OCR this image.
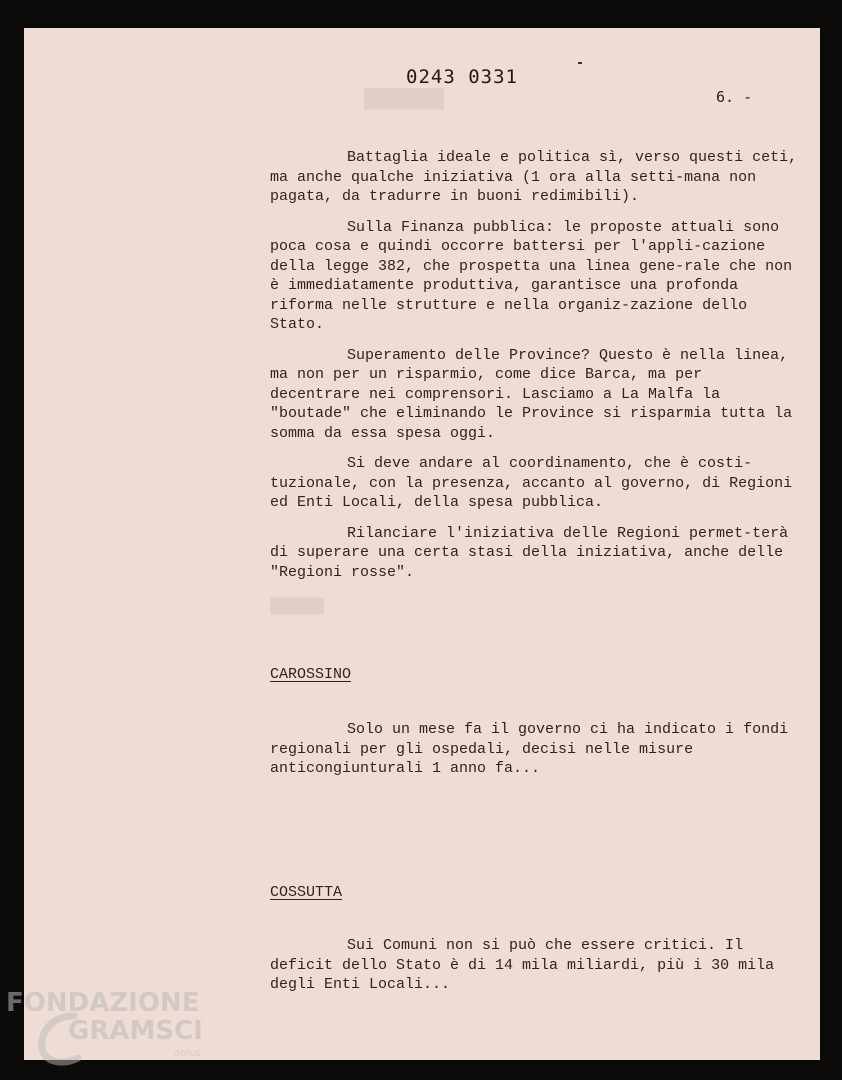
███████
██████
0243 0331
6. -

Battaglia ideale e politica sì, verso questi ceti, ma anche qualche iniziativa (1 ora alla setti-mana non pagata, da tradurre in buoni redimibili).

Sulla Finanza pubblica: le proposte attuali sono poca cosa e quindi occorre battersi per l'appli-cazione della legge 382, che prospetta una linea gene-rale che non è immediatamente produttiva, garantisce una profonda riforma nelle strutture e nella organiz-zazione dello Stato.

Superamento delle Province? Questo è nella linea, ma non per un risparmio, come dice Barca, ma per decentrare nei comprensori. Lasciamo a La Malfa la "boutade" che eliminando le Province si risparmia tutta la somma da essa spesa oggi.

Si deve andare al coordinamento, che è costi-tuzionale, con la presenza, accanto al governo, di Regioni ed Enti Locali, della spesa pubblica.

Rilanciare l'iniziativa delle Regioni permet-terà di superare una certa stasi della iniziativa, anche delle "Regioni rosse".

CAROSSINO

Solo un mese fa il governo ci ha indicato i fondi regionali per gli ospedali, decisi nelle misure anticongiunturali 1 anno fa...

COSSUTTA

Sui Comuni non si può che essere critici. Il deficit dello Stato è di 14 mila miliardi, più i 30 mila degli Enti Locali...

FONDAZIONE
GRAMSCI
onlus
